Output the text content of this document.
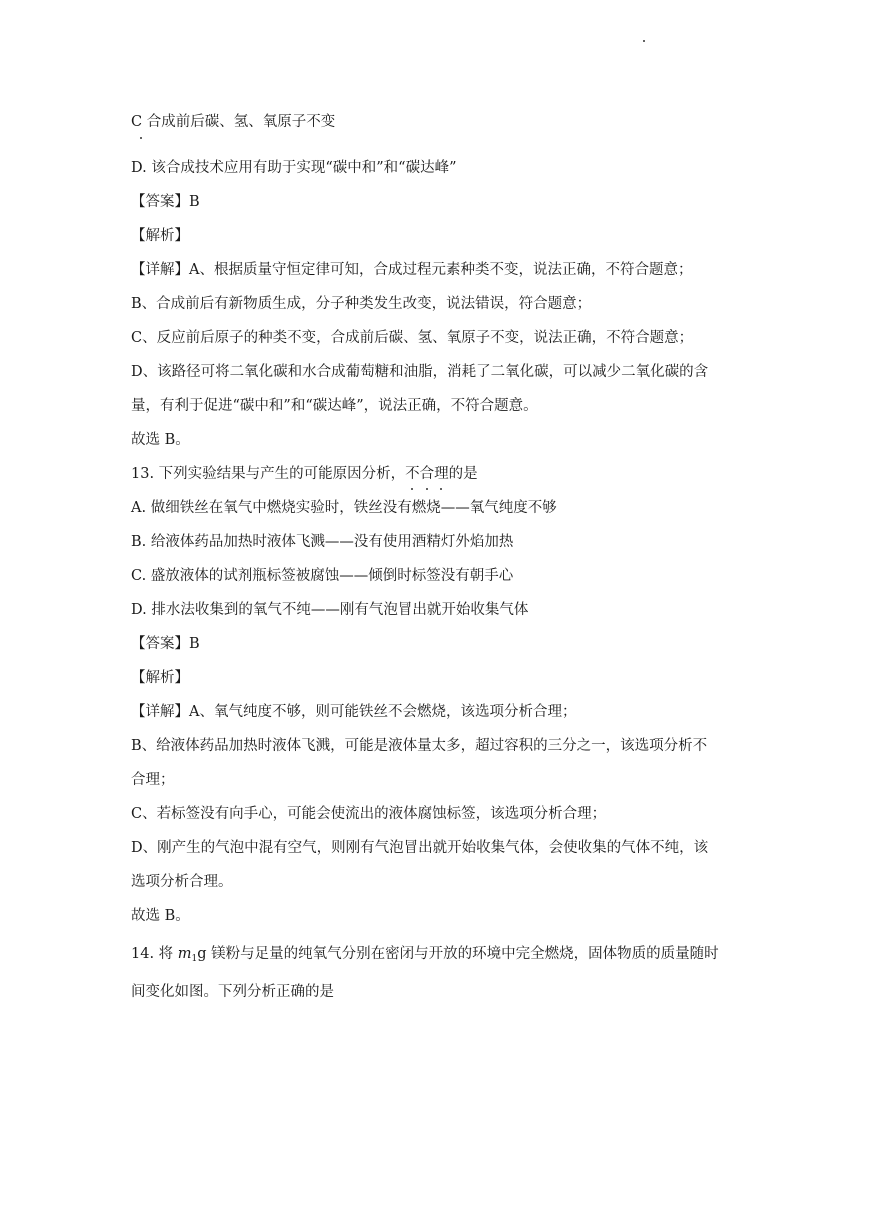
C 合成前后碳、氢、氧原子不变
D. 该合成技术应用有助于实现“碳中和”和“碳达峰”
【答案】B
【解析】
【详解】A、根据质量守恒定律可知，合成过程元素种类不变，说法正确，不符合题意；
B、合成前后有新物质生成，分子种类发生改变，说法错误，符合题意；
C、反应前后原子的种类不变，合成前后碳、氢、氧原子不变，说法正确，不符合题意；
D、该路径可将二氧化碳和水合成葡萄糖和油脂，消耗了二氧化碳，可以减少二氧化碳的含
量，有利于促进“碳中和”和“碳达峰”，说法正确，不符合题意。
故选 B。
13. 下列实验结果与产生的可能原因分析，不合理的是
A. 做细铁丝在氧气中燃烧实验时，铁丝没有燃烧——氧气纯度不够
B. 给液体药品加热时液体飞溅——没有使用酒精灯外焰加热
C. 盛放液体的试剂瓶标签被腐蚀——倾倒时标签没有朝手心
D. 排水法收集到的氧气不纯——刚有气泡冒出就开始收集气体
【答案】B
【解析】
【详解】A、氧气纯度不够，则可能铁丝不会燃烧，该选项分析合理；
B、给液体药品加热时液体飞溅，可能是液体量太多，超过容积的三分之一，该选项分析不
合理；
C、若标签没有向手心，可能会使流出的液体腐蚀标签，该选项分析合理；
D、刚产生的气泡中混有空气，则刚有气泡冒出就开始收集气体，会使收集的气体不纯，该
选项分析合理。
故选 B。
14. 将 $m_1g$ 镁粉与足量的纯氧气分别在密闭与开放的环境中完全燃烧，固体物质的质量随时
间变化如图。下列分析正确的是
